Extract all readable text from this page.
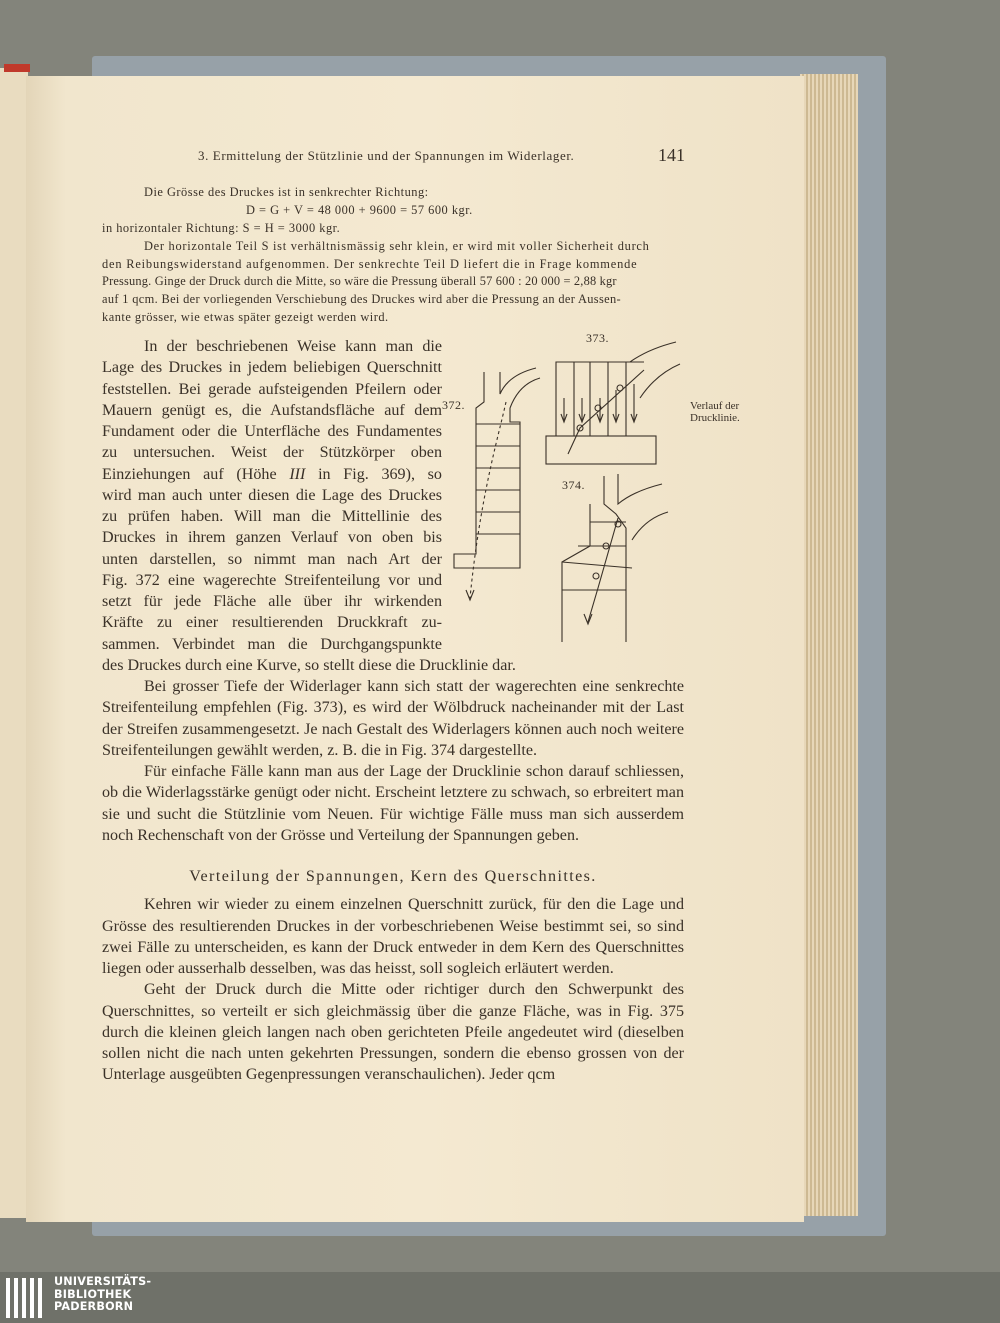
3. Ermittelung der Stützlinie und der Spannungen im Widerlager.	141

Die Grösse des Druckes ist in senkrechter Richtung:

D = G + V = 48 000 + 9600 = 57 600 kgr.

in horizontaler Richtung: S = H = 3000 kgr.

Der horizontale Teil S ist verhältnismässig sehr klein, er wird mit voller Sicherheit durch

den Reibungswiderstand aufgenommen. Der senkrechte Teil D liefert die in Frage kommende

Pressung. Ginge der Druck durch die Mitte, so wäre die Pressung überall 57 600 : 20 000 = 2,88 kgr

auf 1 qcm. Bei der vorliegenden Verschiebung des Druckes wird aber die Pressung an der Aussen-

kante grösser, wie etwas später gezeigt werden wird.

In der beschriebenen Weise kann man die
Lage des Druckes in jedem beliebigen Querschnitt
feststellen. Bei gerade aufsteigenden Pfeilern oder
Mauern genügt es, die Aufstandsfläche auf dem
Fundament oder die Unterfläche des Fundamentes
zu untersuchen. Weist der Stützkörper oben
Einziehungen auf (Höhe III in Fig. 369), so
wird man auch unter diesen die Lage des Druckes
zu prüfen haben. Will man die Mittellinie des
Druckes in ihrem ganzen Verlauf von oben bis
unten darstellen, so nimmt man nach Art der
Fig. 372 eine wagerechte Streifenteilung vor und
setzt für jede Fläche alle über ihr wirkenden
Kräfte zu einer resultierenden Druckkraft zu-
sammen. Verbindet man die Durchgangspunkte

des Druckes durch eine Kurve, so stellt diese die Drucklinie dar.

Bei grosser Tiefe der Widerlager kann sich statt der wagerechten eine senkrechte Streifenteilung empfehlen (Fig. 373), es wird der Wölbdruck nacheinander mit der Last der Streifen zusammengesetzt. Je nach Gestalt des Widerlagers können auch noch weitere Streifenteilungen gewählt werden, z. B. die in Fig. 374 dargestellte.

Für einfache Fälle kann man aus der Lage der Drucklinie schon darauf schliessen, ob die Widerlagsstärke genügt oder nicht. Erscheint letztere zu schwach, so erbreitert man sie und sucht die Stützlinie vom Neuen. Für wichtige Fälle muss man sich ausserdem noch Rechenschaft von der Grösse und Verteilung der Spannungen geben.

Verteilung der Spannungen, Kern des Querschnittes.

Kehren wir wieder zu einem einzelnen Querschnitt zurück, für den die Lage und Grösse des resultierenden Druckes in der vorbeschriebenen Weise bestimmt sei, so sind zwei Fälle zu unterscheiden, es kann der Druck entweder in dem Kern des Querschnittes liegen oder ausserhalb desselben, was das heisst, soll sogleich erläutert werden.

Geht der Druck durch die Mitte oder richtiger durch den Schwerpunkt des Querschnittes, so verteilt er sich gleichmässig über die ganze Fläche, was in Fig. 375 durch die kleinen gleich langen nach oben gerichteten Pfeile angedeutet wird (dieselben sollen nicht die nach unten gekehrten Pressungen, sondern die ebenso grossen von der Unterlage ausgeübten Gegenpressungen veranschaulichen). Jeder qcm

372.
373.
374.

Verlauf der

Drucklinie.

UNIVERSITÄTS-
BIBLIOTHEK
PADERBORN
